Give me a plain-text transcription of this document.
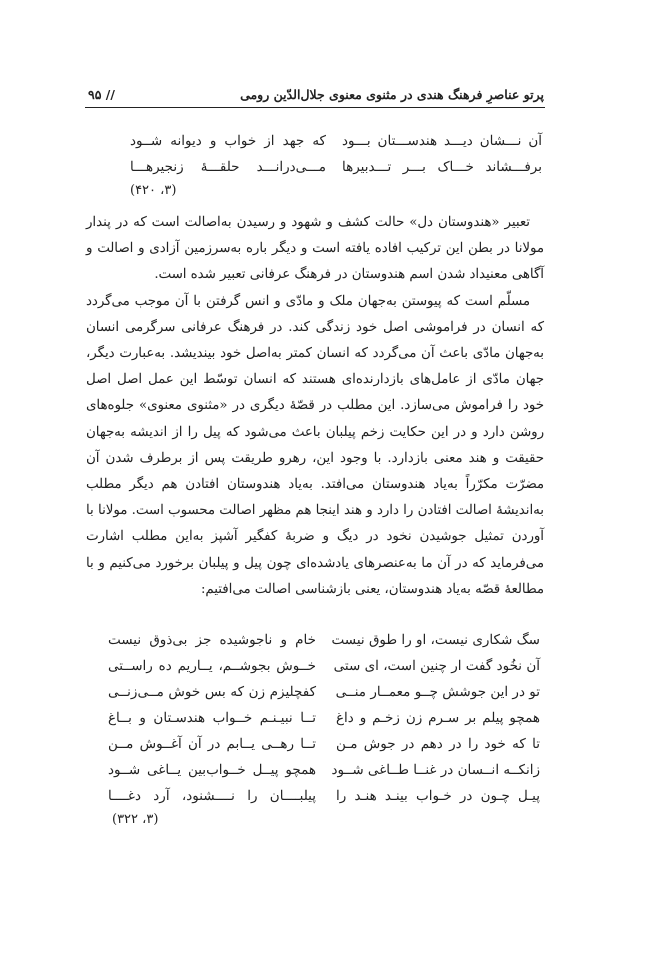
پرتو عناصرِ فرهنگ هندی در مثنوی معنوی جلال‌الدّین رومی
// ۹۵
آن نـــشان دیـــد هندســـتان بـــود
که جهد از خواب و دیوانه شــود
برفـــشاند خـــاک بـــر تـــدبیرها
مـــی‌درانـــد حلقـــهٔ زنجیرهـــا
(۳، ۴۲۰)

تعبیر «هندوستان دل» حالت کشف و شهود و رسیدن به‌اصالت است که در پندار مولانا در بطن این ترکیب افاده یافته است و دیگر باره به‌سرزمین آزادی و اصالت و آگاهی معنیداد شدن اسم هندوستان در فرهنگ عرفانی تعبیر شده است.

مسلّم است که پیوستن به‌جهان ملک و مادّی و انس گرفتن با آن موجب می‌گردد که انسان در فراموشی اصل خود زندگی کند. در فرهنگ عرفانی سرگرمی انسان به‌جهان مادّی باعث آن می‌گردد که انسان کمتر به‌اصل خود بیندیشد. به‌عبارت دیگر، جهان مادّی از عامل‌های بازدارنده‌ای هستند که انسان توسّط این عمل اصل اصل خود را فراموش می‌سازد. این مطلب در قصّهٔ دیگری در «مثنوی معنوی» جلوه‌های روشن دارد و در این حکایت زخم پیلبان باعث می‌شود که پیل را از اندیشه به‌جهان حقیقت و هند معنی بازدارد. با وجود این، رهرو طریقت پس از برطرف شدن آن مضرّت مکرّراً به‌یاد هندوستان می‌افتد. به‌یاد هندوستان افتادن هم دیگر مطلب به‌اندیشهٔ اصالت افتادن را دارد و هند اینجا هم مظهر اصالت محسوب است. مولانا با آوردن تمثیل جوشیدن نخود در دیگ و ضربهٔ کفگیر آشپز به‌این مطلب اشارت می‌فرماید که در آن ما به‌عنصرهای یادشده‌ای چون پیل و پیلبان برخورد می‌کنیم و با مطالعهٔ قصّه به‌یاد هندوستان، یعنی بازشناسی اصالت می‌افتیم:

سگ شکاری نیست، او را طوق نیست
خام و ناجوشیده جز بی‌ذوق نیست
آن نخُود گفت ار چنین است، ای ستی
خــوش بجوشــم، یــاریم ده راســتی
تو در این جوشش چــو معمــار منــی
کفچلیزم زن که بس خوش مــی‌زنــی
همچو پیلم بر سـرم زن زخـم و داغ
تــا نبیـنـم خــواب هندسـتان و بــاغ
تا که خود را در دهم در جوش مـن
تــا رهــی یــابم در آن آغــوش مــن
زانکــه انــسان در غنــا طــاغی شــود
همچو پیــل خــواب‌بین یــاغی شــود
پیـل چـون در خـواب بینـد هنـد را
پیلبــــان را نــــشنود، آرد دغــــا
(۳، ۳۲۲)
